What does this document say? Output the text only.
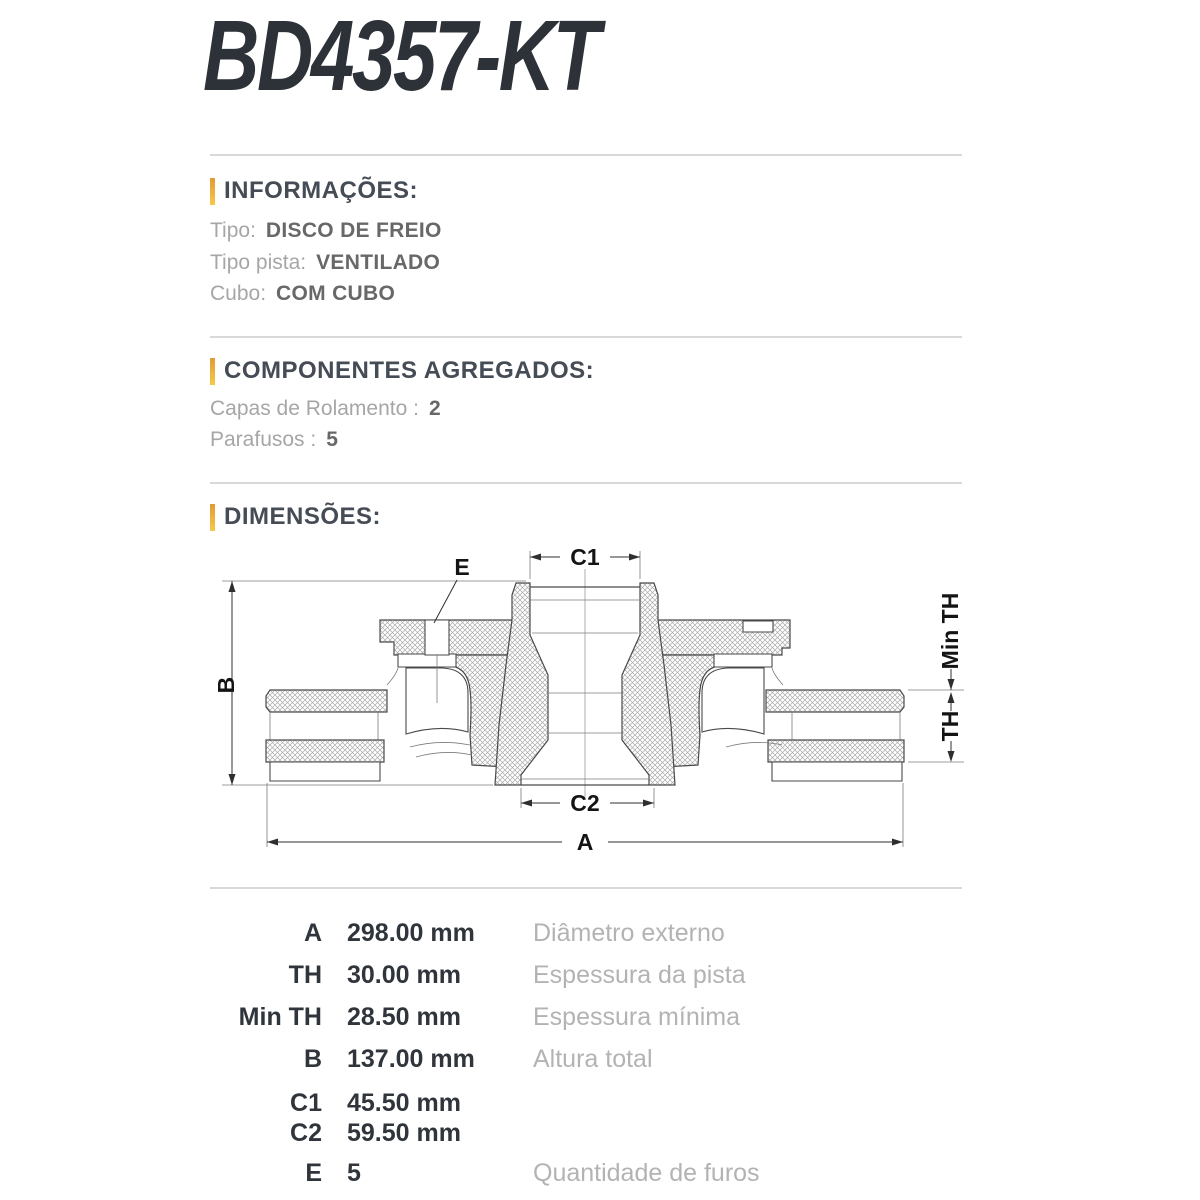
BD4357-KT
INFORMAÇÕES:
Tipo: DISCO DE FREIO
Tipo pista: VENTILADO
Cubo: COM CUBO
COMPONENTES AGREGADOS:
Capas de Rolamento : 2
Parafusos : 5
DIMENSÕES:
B
A
C1
C2
Min TH
TH
E
A 298.00 mm Diâmetro externo
TH 30.00 mm	Espessura da pista
Min TH 28.50 mm	Espessura mínima
B 137.00 mm Altura total
C1 45.50 mm
C2 59.50 mm
E 5	Quantidade de furos
